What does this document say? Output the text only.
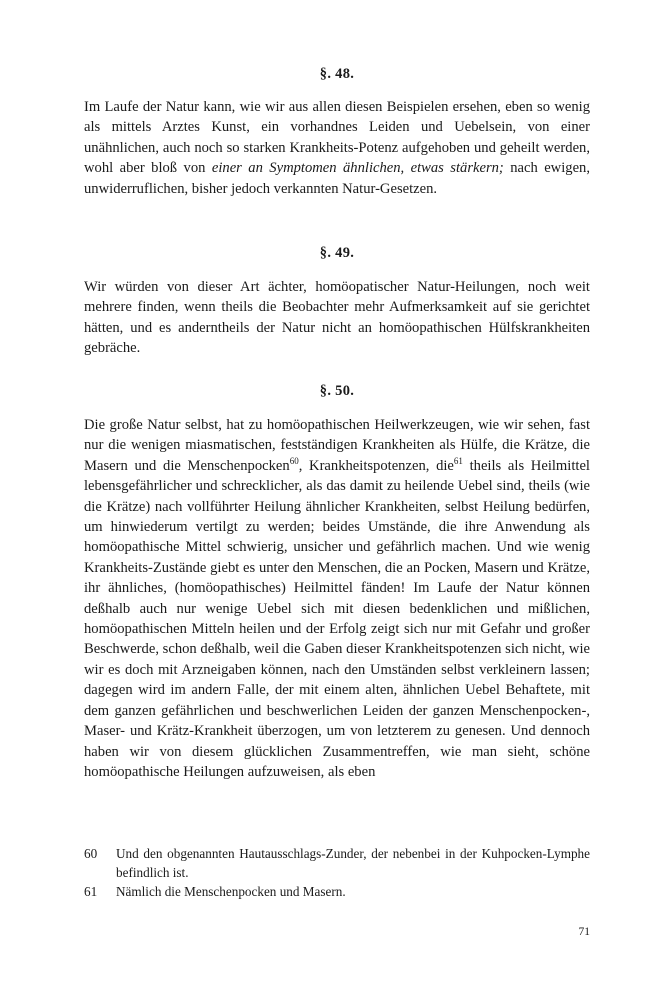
§. 48.

Im Laufe der Natur kann, wie wir aus allen diesen Beispielen ersehen, eben so wenig als mittels Arztes Kunst, ein vorhandnes Leiden und Uebelsein, von einer unähnlichen, auch noch so starken Krankheits-Potenz aufgehoben und geheilt werden, wohl aber bloß von einer an Symptomen ähnlichen, etwas stärkern; nach ewigen, unwiderruflichen, bisher jedoch verkannten Natur-Gesetzen.

§. 49.

Wir würden von dieser Art ächter, homöopatischer Natur-Heilungen, noch weit mehrere finden, wenn theils die Beobachter mehr Aufmerksamkeit auf sie gerichtet hätten, und es anderntheils der Natur nicht an homöopathischen Hülfskrankheiten gebräche.

§. 50.

Die große Natur selbst, hat zu homöopathischen Heilwerkzeugen, wie wir sehen, fast nur die wenigen miasmatischen, festständigen Krankheiten als Hülfe, die Krätze, die Masern und die Menschenpocken$^{60}$, Krankheitspotenzen, die$^{61}$ theils als Heilmittel lebensgefährlicher und schrecklicher, als das damit zu heilende Uebel sind, theils (wie die Krätze) nach vollführter Heilung ähnlicher Krankheiten, selbst Heilung bedürfen, um hinwiederum vertilgt zu werden; beides Umstände, die ihre Anwendung als homöopathische Mittel schwierig, unsicher und gefährlich machen. Und wie wenig Krankheits-Zustände giebt es unter den Menschen, die an Pocken, Masern und Krätze, ihr ähnliches, (homöopathisches) Heilmittel fänden! Im Laufe der Natur können deßhalb auch nur wenige Uebel sich mit diesen bedenklichen und mißlichen, homöopathischen Mitteln heilen und der Erfolg zeigt sich nur mit Gefahr und großer Beschwerde, schon deßhalb, weil die Gaben dieser Krankheitspotenzen sich nicht, wie wir es doch mit Arzneigaben können, nach den Umständen selbst verkleinern lassen; dagegen wird im andern Falle, der mit einem alten, ähnlichen Uebel Behaftete, mit dem ganzen gefährlichen und beschwerlichen Leiden der ganzen Menschenpocken-, Maser- und Krätz-Krankheit überzogen, um von letzterem zu genesen. Und dennoch haben wir von diesem glücklichen Zusammentreffen, wie man sieht, schöne homöopathische Heilungen aufzuweisen, als eben

60	Und den obgenannten Hautausschlags-Zunder, der nebenbei in der Kuhpocken-Lymphe befindlich ist.
61	Nämlich die Menschenpocken und Masern.
71
